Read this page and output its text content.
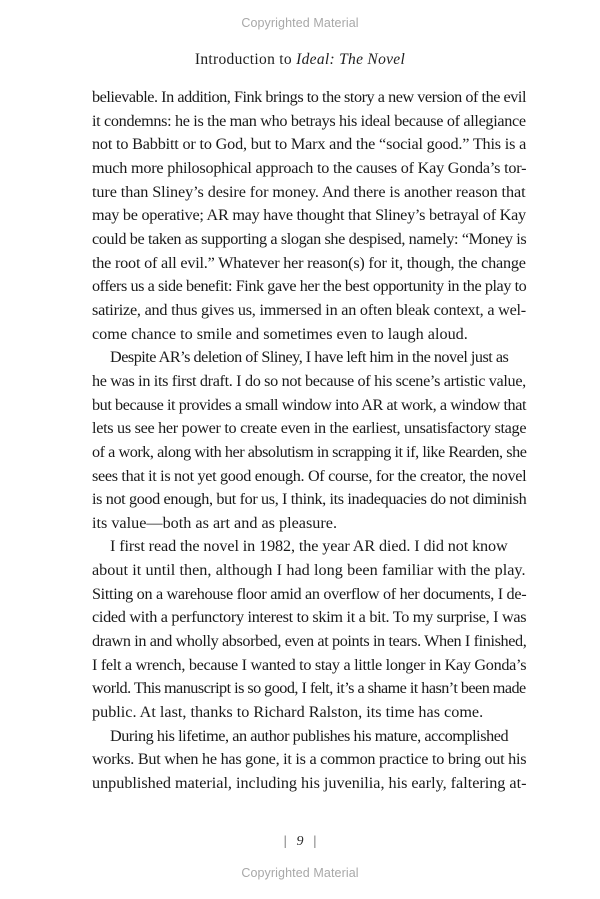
Copyrighted Material
Introduction to Ideal: The Novel

believable. In addition, Fink brings to the story a new version of the evil
it condemns: he is the man who betrays his ideal because of allegiance
not to Babbitt or to God, but to Marx and the “social good.” This is a
much more philosophical approach to the causes of Kay Gonda’s tor-
ture than Sliney’s desire for money. And there is another reason that
may be operative; AR may have thought that Sliney’s betrayal of Kay
could be taken as supporting a slogan she despised, namely: “Money is
the root of all evil.” Whatever her reason(s) for it, though, the change
offers us a side benefit: Fink gave her the best opportunity in the play to
satirize, and thus gives us, immersed in an often bleak context, a wel-
come chance to smile and sometimes even to laugh aloud.

Despite AR’s deletion of Sliney, I have left him in the novel just as
he was in its first draft. I do so not because of his scene’s artistic value,
but because it provides a small window into AR at work, a window that
lets us see her power to create even in the earliest, unsatisfactory stage
of a work, along with her absolutism in scrapping it if, like Rearden, she
sees that it is not yet good enough. Of course, for the creator, the novel
is not good enough, but for us, I think, its inadequacies do not diminish
its value—both as art and as pleasure.

I first read the novel in 1982, the year AR died. I did not know
about it until then, although I had long been familiar with the play.
Sitting on a warehouse floor amid an overflow of her documents, I de-
cided with a perfunctory interest to skim it a bit. To my surprise, I was
drawn in and wholly absorbed, even at points in tears. When I finished,
I felt a wrench, because I wanted to stay a little longer in Kay Gonda’s
world. This manuscript is so good, I felt, it’s a shame it hasn’t been made
public. At last, thanks to Richard Ralston, its time has come.

During his lifetime, an author publishes his mature, accomplished
works. But when he has gone, it is a common practice to bring out his
unpublished material, including his juvenilia, his early, faltering at-

| 9 |
Copyrighted Material
